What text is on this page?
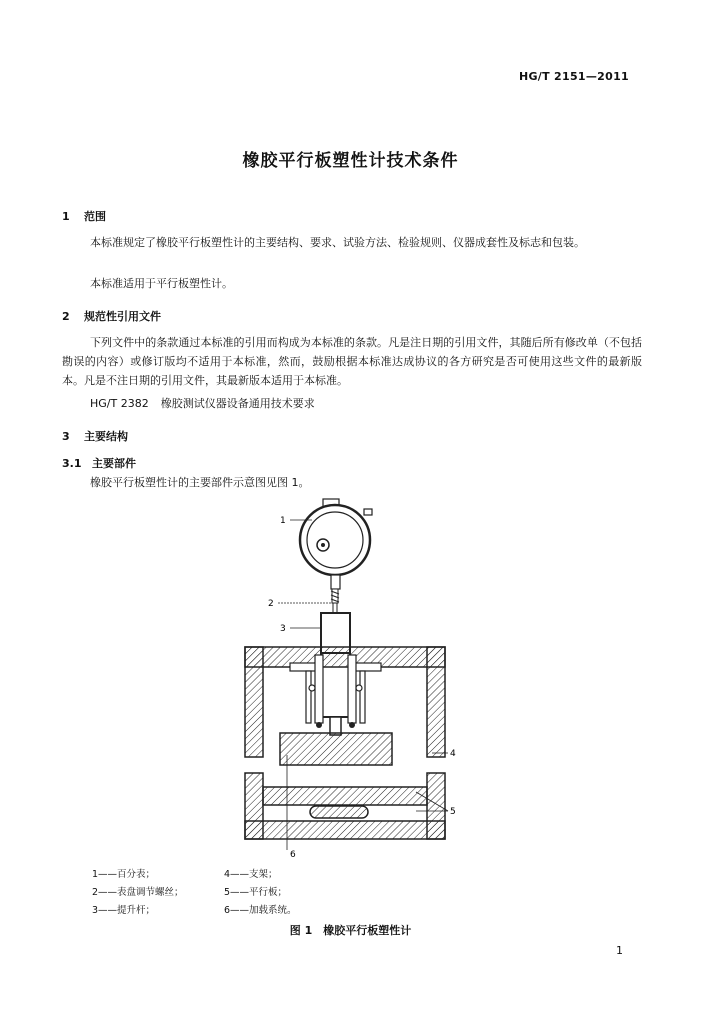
HG/T 2151—2011
橡胶平行板塑性计技术条件
1 范围
本标准规定了橡胶平行板塑性计的主要结构、要求、试验方法、检验规则、仪器成套性及标志和包装。
本标准适用于平行板塑性计。
2 规范性引用文件
下列文件中的条款通过本标准的引用而构成为本标准的条款。凡是注日期的引用文件，其随后所有修改单（不包括勘误的内容）或修订版均不适用于本标准，然而，鼓励根据本标准达成协议的各方研究是否可使用这些文件的最新版本。凡是不注日期的引用文件，其最新版本适用于本标准。
HG/T 2382 橡胶测试仪器设备通用技术要求
3 主要结构
3.1 主要部件
橡胶平行板塑性计的主要部件示意图见图 1。
1
2
3
4
5
6
1——百分表；
2——表盘调节螺丝；
3——提升杆；
4——支架；
5——平行板；
6——加载系统。
图 1　橡胶平行板塑性计
1
